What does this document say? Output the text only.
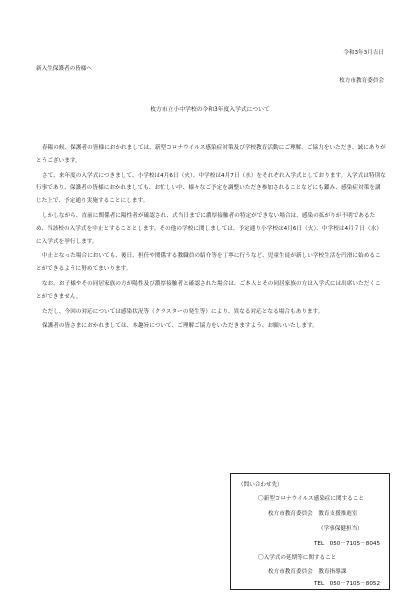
令和3年3月吉日
新入生保護者の皆様へ
枚方市教育委員会
枚方市立小中学校の令和3年度入学式について

春陽の候、保護者の皆様におかれましては、新型コロナウイルス感染症対策及び学校教育活動にご理解、ご協力をいただき、誠にありがとうございます。

さて、来年度の入学式につきまして、小学校は4月6日（火）、中学校は4月7日（水）をそれぞれ入学式としております。入学式は特別な行事であり、保護者の皆様におかれましても、お忙しい中、様々なご予定を調整いただき参加されることなどにも鑑み、感染症対策を講じた上で、予定通り実施することにします。

しかしながら、直前に関係者に陽性者が確認され、式当日までに濃厚接触者の特定ができない場合は、感染の拡がりが不明であるため、当該校の入学式を中止とすることとします。その他の学校に関しましては、予定通り小学校は4月6日（火）、中学校は4月７日（水）に入学式を挙行します。

中止となった場合においても、後日、担任や関係する教職員の紹介等を丁寧に行うなど、児童生徒が新しい学校生活を円滑に始めることができるように努めてまいります。

なお、お子様やその同居家族の方が陽性及び濃厚接触者と確認された場合は、ご本人とその同居家族の方は入学式には出席いただくことができません。

ただし、今回の対応については感染状況等（クラスターの発生等）により、異なる対応となる場合もあります。

保護者の皆さまにおかれましては、本趣旨について、ご理解ご協力をいただきますよう、お願いいたします。

（問い合わせ先）
〇新型コロナウイルス感染症に関すること
枚方市教育委員会　教育支援推進室
（学事保健担当）
TEL　050－7105－8045
〇入学式の延期等に関すること
枚方市教育委員会　教育指導課
TEL　050－7105－8052
